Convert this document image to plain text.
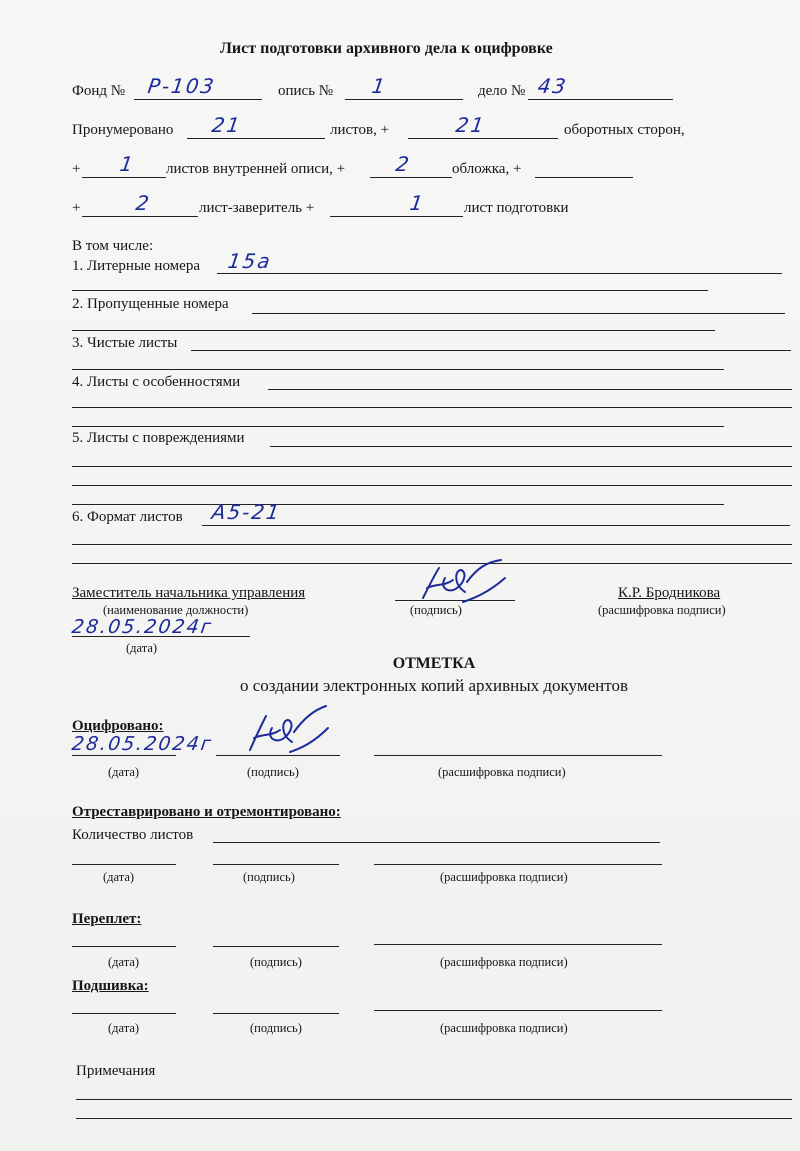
Лист подготовки архивного дела к оцифровке
Фонд № Р-103	опись № 1	дело № 43
Пронумеровано 21	листов, +	21	оборотных сторон,
+ 1 листов внутренней описи, + 2	обложка, +
+	2	лист-заверитель +	1	лист подготовки
В том числе:
1. Литерные номера 15а
2. Пропущенные номера
3. Чистые листы
4. Листы с особенностями
5. Листы с повреждениями
6. Формат листов А5-21
Заместитель начальника управления
(наименование должности)	(подпись)
К.Р. Бродникова
(расшифровка подписи)
28.05.2024г
(дата)
ОТМЕТКА
о создании электронных копий архивных документов
Оцифровано:
28.05.2024г
(дата)	(подпись)	(расшифровка подписи)
Отреставрировано и отремонтировано:
Количество листов
(дата)	(подпись)	(расшифровка подписи)
Переплет:
(дата)	(подпись)	(расшифровка подписи)
Подшивка:
(дата)	(подпись)	(расшифровка подписи)
Примечания
